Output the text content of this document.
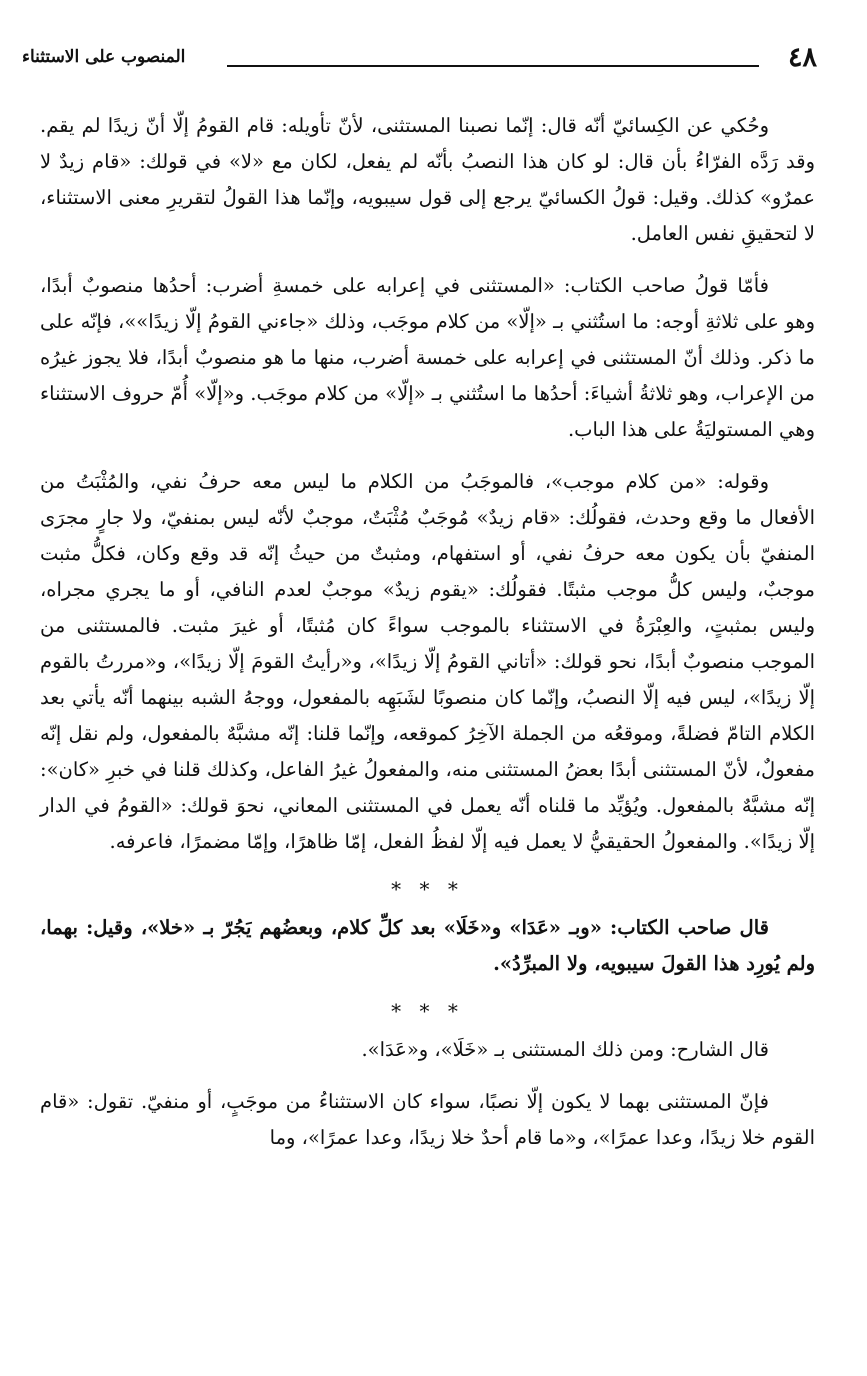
٤٨
المنصوب على الاستثناء

وحُكي عن الكِسائيّ أنّه قال: إنّما نصبنا المستثنى، لأنّ تأويله: قام القومُ إلّا أنّ زيدًا لم يقم. وقد رَدَّه الفرّاءُ بأن قال: لو كان هذا النصبُ بأنّه لم يفعل، لكان مع «لا» في قولك: «قام زيدٌ لا عمرٌو» كذلك. وقيل: قولُ الكسائيّ يرجع إلى قول سيبويه، وإنّما هذا القولُ لتقريرِ معنى الاستثناء، لا لتحقيقِ نفس العامل.

فأمّا قولُ صاحب الكتاب: «المستثنى في إعرابه على خمسةِ أضرب: أحدُها منصوبٌ أبدًا، وهو على ثلاثةِ أوجه: ما استُثني بـ «إلّا» من كلام موجَب، وذلك «جاءني القومُ إلّا زيدًا»»، فإنّه على ما ذكر. وذلك أنّ المستثنى في إعرابه على خمسة أضرب، منها ما هو منصوبٌ أبدًا، فلا يجوز غيرُه من الإعراب، وهو ثلاثةُ أشياءَ: أحدُها ما استُثني بـ «إلّا» من كلام موجَب. و«إلّا» أُمّ حروف الاستثناء وهي المستوليَةُ على هذا الباب.

وقوله: «من كلام موجب»، فالموجَبُ من الكلام ما ليس معه حرفُ نفي، والمُثْبَتُ من الأفعال ما وقع وحدث، فقولُك: «قام زيدٌ» مُوجَبٌ مُثْبَتٌ، موجبٌ لأنّه ليس بمنفيّ، ولا جارٍ مجرَى المنفيّ بأن يكون معه حرفُ نفي، أو استفهام، ومثبتٌ من حيثُ إنّه قد وقع وكان، فكلُّ مثبت موجبٌ، وليس كلُّ موجب مثبتًا. فقولُك: «يقوم زيدٌ» موجبٌ لعدم النافي، أو ما يجري مجراه، وليس بمثبتٍ، والعِبْرَةُ في الاستثناء بالموجب سواءً كان مُثبتًا، أو غيرَ مثبت. فالمستثنى من الموجب منصوبٌ أبدًا، نحو قولك: «أتاني القومُ إلّا زيدًا»، و«رأيتُ القومَ إلّا زيدًا»، و«مررتُ بالقوم إلّا زيدًا»، ليس فيه إلّا النصبُ، وإنّما كان منصوبًا لشَبَهِه بالمفعول، ووجهُ الشبه بينهما أنّه يأتي بعد الكلام التامّ فضلةً، وموقعُه من الجملة الآخِرُ كموقعه، وإنّما قلنا: إنّه مشبَّهٌ بالمفعول، ولم نقل إنّه مفعولٌ، لأنّ المستثنى أبدًا بعضُ المستثنى منه، والمفعولُ غيرُ الفاعل، وكذلك قلنا في خبرِ «كان»: إنّه مشبَّهٌ بالمفعول. ويُؤيِّد ما قلناه أنّه يعمل في المستثنى المعاني، نحوَ قولك: «القومُ في الدار إلّا زيدًا». والمفعولُ الحقيقيُّ لا يعمل فيه إلّا لفظُ الفعل، إمّا ظاهرًا، وإمّا مضمرًا، فاعرفه.

* * *

قال صاحب الكتاب: «وبـ «عَدَا» و«خَلَا» بعد كلِّ كلام، وبعضُهم يَجُرّ بـ «خلا»، وقيل: بهما، ولم يُورِد هذا القولَ سيبويه، ولا المبرِّدُ».

* * *

قال الشارح: ومن ذلك المستثنى بـ «خَلَا»، و«عَدَا».

فإنّ المستثنى بهما لا يكون إلّا نصبًا، سواء كان الاستثناءُ من موجَبٍ، أو منفيّ. تقول: «قام القوم خلا زيدًا، وعدا عمرًا»، و«ما قام أحدٌ خلا زيدًا، وعدا عمرًا»، وما
